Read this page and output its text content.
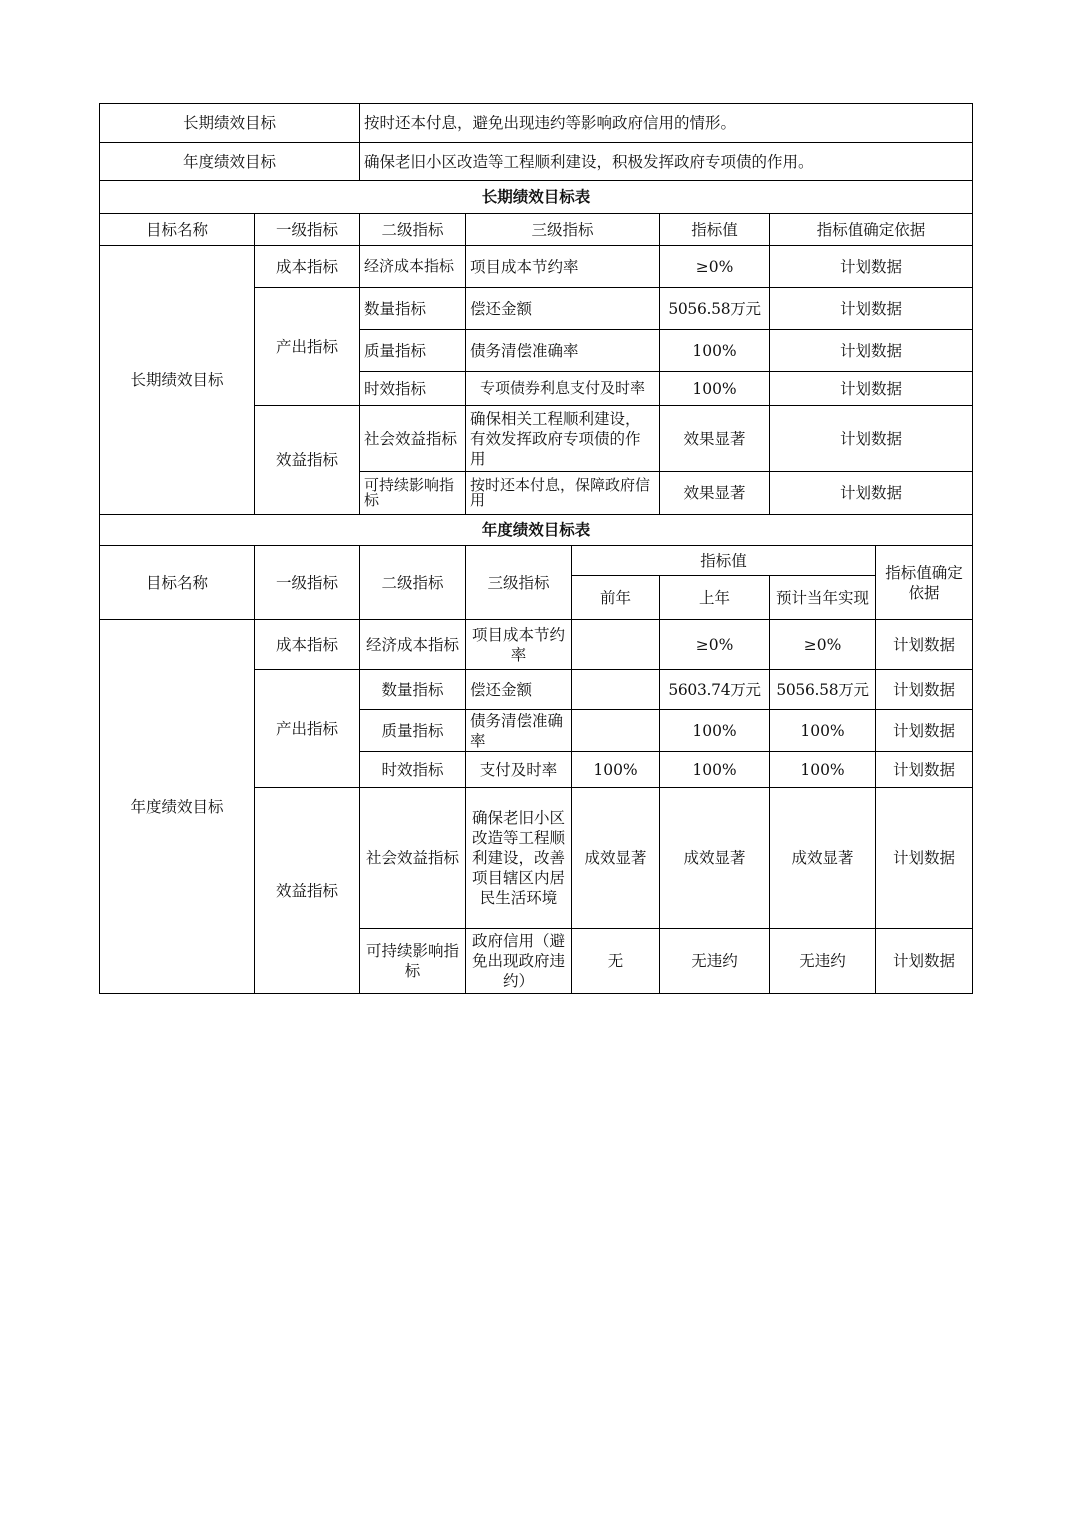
长期绩效目标		按时还本付息，避免出现违约等影响政府信用的情形。					
年度绩效目标		确保老旧小区改造等工程顺利建设，积极发挥政府专项债的作用。					
长期绩效目标表							
目标名称	一级指标	二级指标	三级指标		指标值	指标值确定依据	
长期绩效目标	成本指标	经济成本指标	项目成本节约率		≥0%	计划数据	
	产出指标	数量指标	偿还金额		5056.58万元	计划数据	
		质量指标	债务清偿准确率		100%	计划数据	
		时效指标	专项债券利息支付及时率		100%	计划数据	
	效益指标	社会效益指标	确保相关工程顺利建设，有效发挥政府专项债的作用		效果显著	计划数据	
		可持续影响指标	按时还本付息，保障政府信用		效果显著	计划数据	
年度绩效目标表							
目标名称	一级指标	二级指标	三级指标	指标值			指标值确定依据
				前年	上年	预计当年实现	
年度绩效目标	成本指标	经济成本指标	项目成本节约率		≥0%	≥0%	计划数据
	产出指标	数量指标	偿还金额		5603.74万元	5056.58万元	计划数据
		质量指标	债务清偿准确率		100%	100%	计划数据
		时效指标	支付及时率	100%	100%	100%	计划数据
	效益指标	社会效益指标	确保老旧小区改造等工程顺利建设，改善项目辖区内居民生活环境	成效显著	成效显著	成效显著	计划数据
		可持续影响指标	政府信用（避免出现政府违约）	无	无违约	无违约	计划数据
